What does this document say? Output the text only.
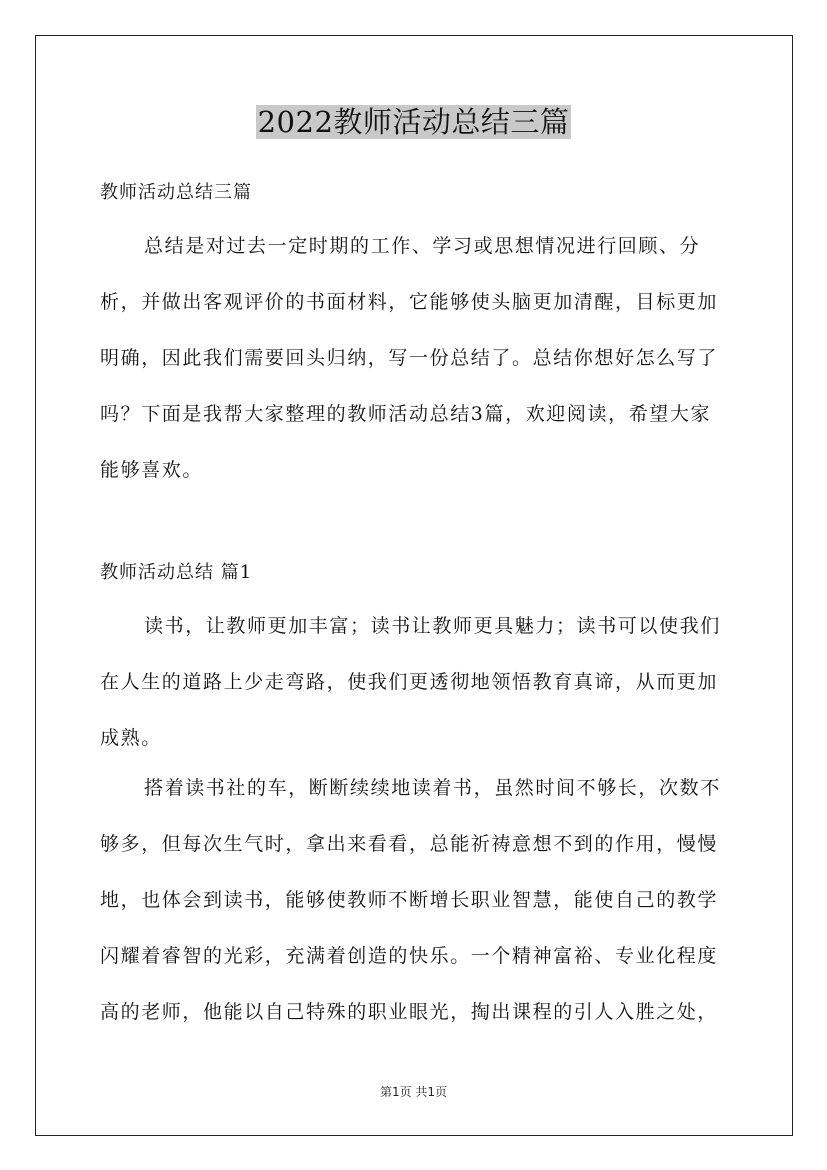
2022教师活动总结三篇

教师活动总结三篇

总结是对过去一定时期的工作、学习或思想情况进行回顾、分析，并做出客观评价的书面材料，它能够使头脑更加清醒，目标更加明确，因此我们需要回头归纳，写一份总结了。总结你想好怎么写了吗？下面是我帮大家整理的教师活动总结3篇，欢迎阅读，希望大家能够喜欢。

教师活动总结 篇1

读书，让教师更加丰富；读书让教师更具魅力；读书可以使我们在人生的道路上少走弯路，使我们更透彻地领悟教育真谛，从而更加成熟。

搭着读书社的车，断断续续地读着书，虽然时间不够长，次数不够多，但每次生气时，拿出来看看，总能祈祷意想不到的作用，慢慢地，也体会到读书，能够使教师不断增长职业智慧，能使自己的教学闪耀着睿智的光彩，充满着创造的快乐。一个精神富裕、专业化程度高的老师，他能以自己特殊的职业眼光，掏出课程的引人入胜之处，

第1页 共1页
